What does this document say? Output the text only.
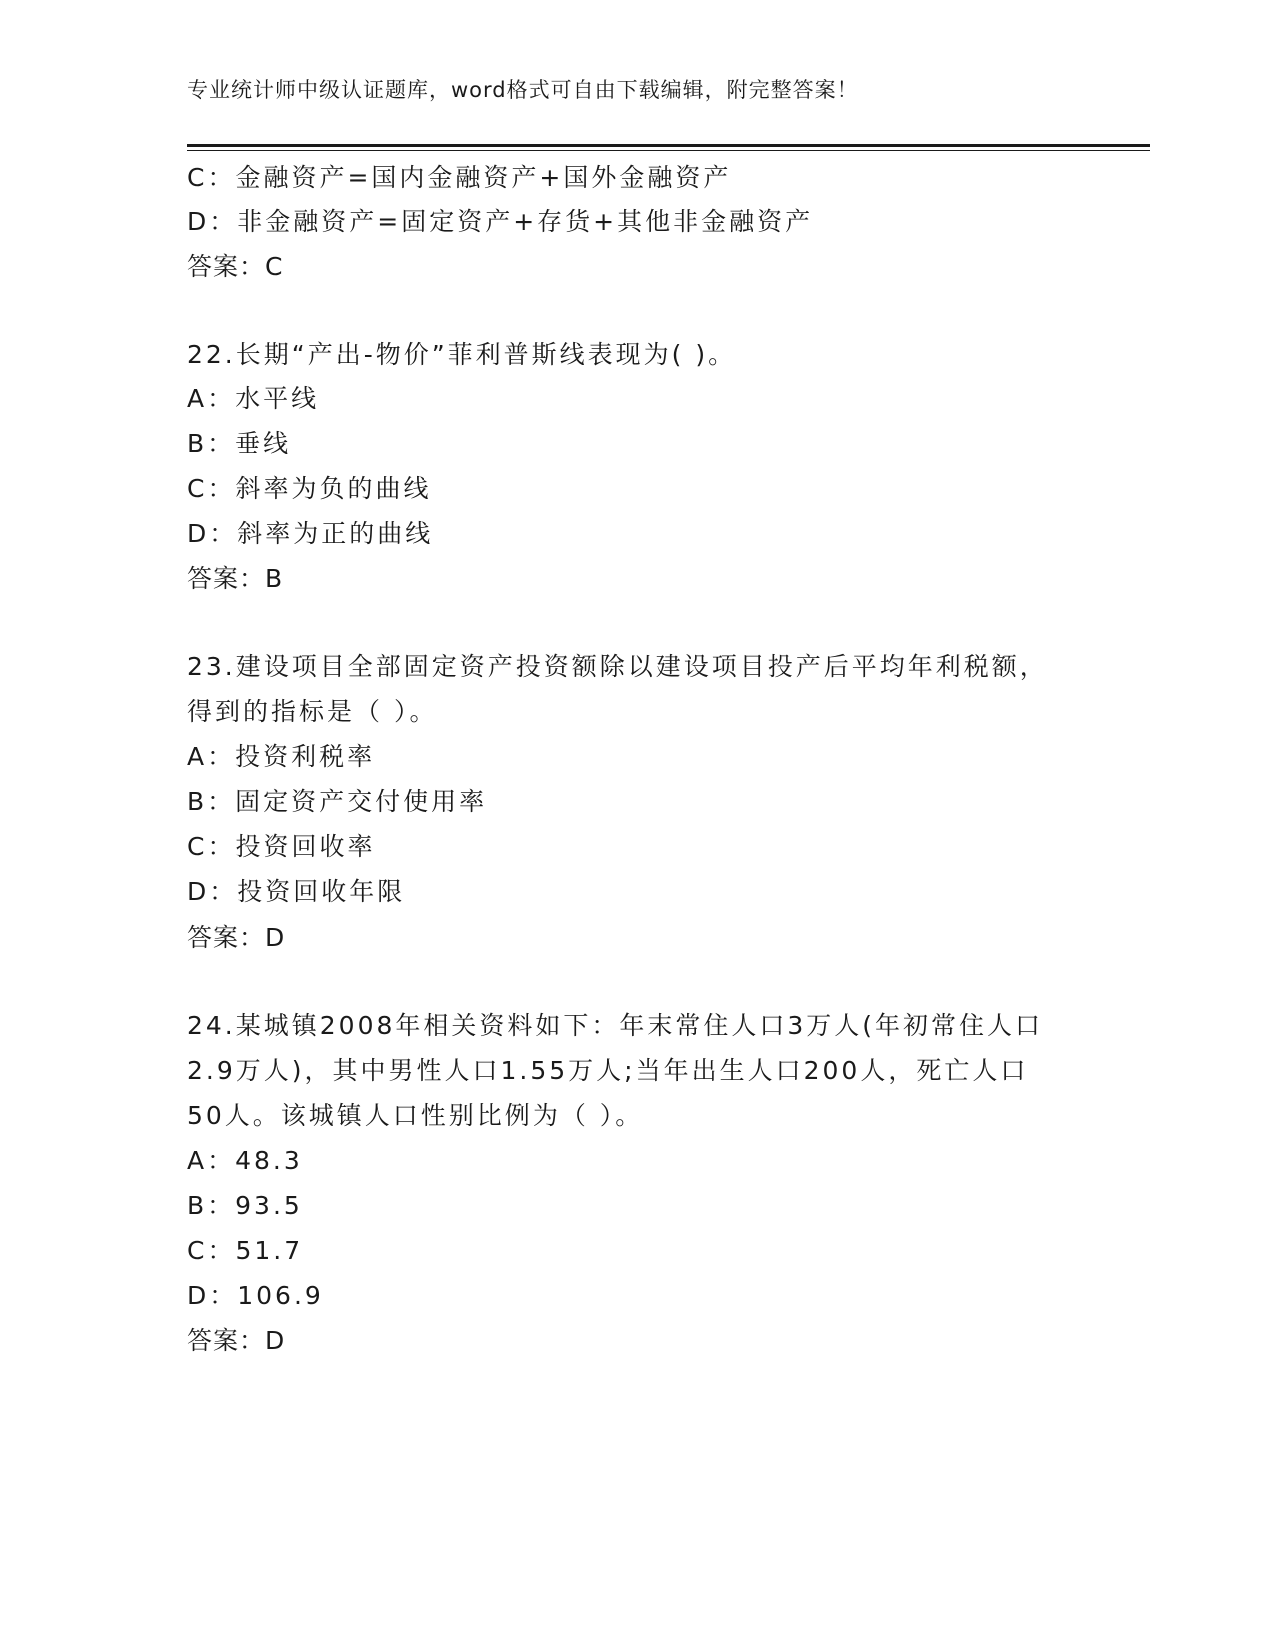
专业统计师中级认证题库，word格式可自由下载编辑，附完整答案！
C：金融资产=国内金融资产+国外金融资产
D：非金融资产=固定资产+存货+其他非金融资产
答案：C
22.长期“产出-物价”菲利普斯线表现为( )。
A：水平线
B：垂线
C：斜率为负的曲线
D：斜率为正的曲线
答案：B
23.建设项目全部固定资产投资额除以建设项目投产后平均年利税额，
得到的指标是（ ）。
A：投资利税率
B：固定资产交付使用率
C：投资回收率
D：投资回收年限
答案：D
24.某城镇2008年相关资料如下：年末常住人口3万人(年初常住人口
2.9万人)，其中男性人口1.55万人;当年出生人口200人，死亡人口
50人。该城镇人口性别比例为（ ）。
A：48.3
B：93.5
C：51.7
D：106.9
答案：D
